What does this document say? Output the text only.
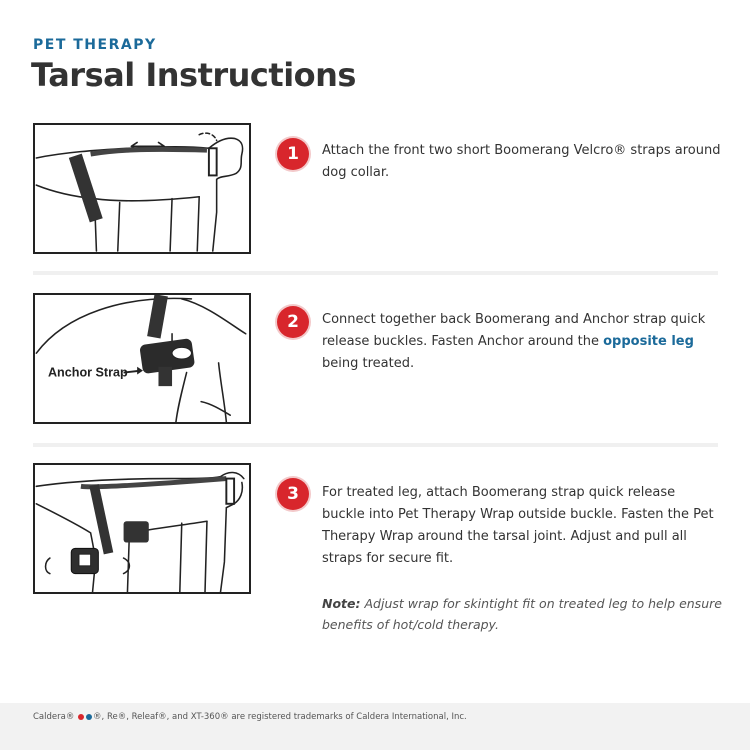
PET THERAPY
Tarsal Instructions
1	Attach the front two short Boomerang Velcro® straps around dog collar.
Anchor Strap
2	Connect together back Boomerang and Anchor strap quick release buckles. Fasten Anchor around the opposite leg being treated.
3	For treated leg, attach Boomerang strap quick release buckle into Pet Therapy Wrap outside buckle. Fasten the Pet Therapy Wrap around the tarsal joint. Adjust and pull all straps for secure fit.
Note: Adjust wrap for skintight fit on treated leg to help ensure benefits of hot/cold therapy.
Caldera® ®, Re®, Releaf®, and XT-360® are registered trademarks of Caldera International, Inc.
